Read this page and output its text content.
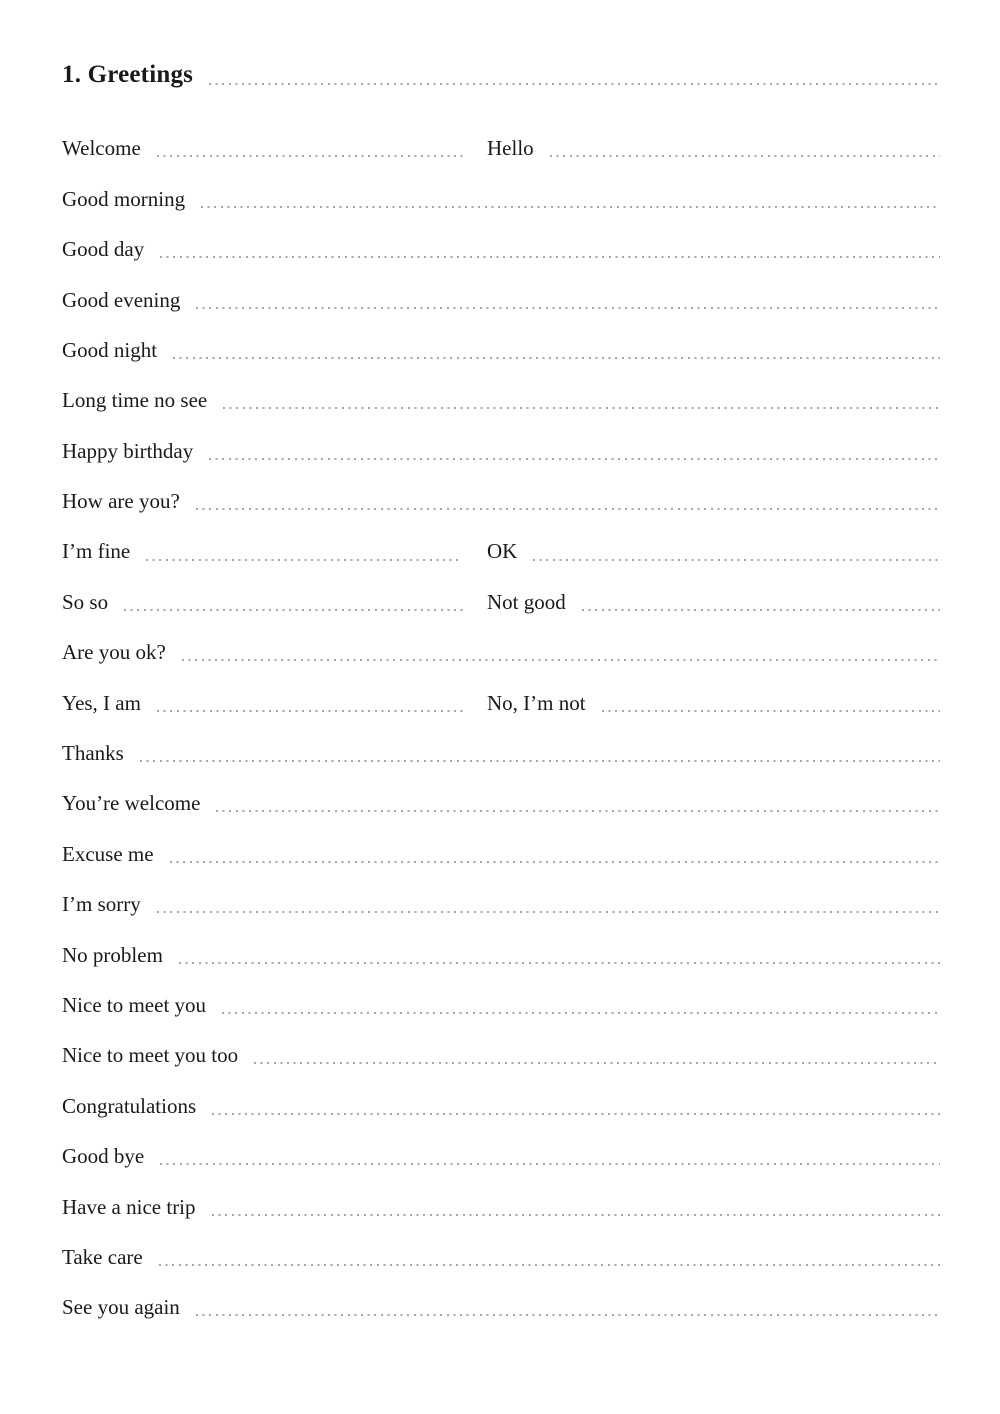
1. Greetings
Welcome	Hello
Good morning
Good day
Good evening
Good night
Long time no see
Happy birthday
How are you?
I’m fine	OK
So so	Not good
Are you ok?
Yes, I am	No, I’m not
Thanks
You’re welcome
Excuse me
I’m sorry
No problem
Nice to meet you
Nice to meet you too
Congratulations
Good bye
Have a nice trip
Take care
See you again
